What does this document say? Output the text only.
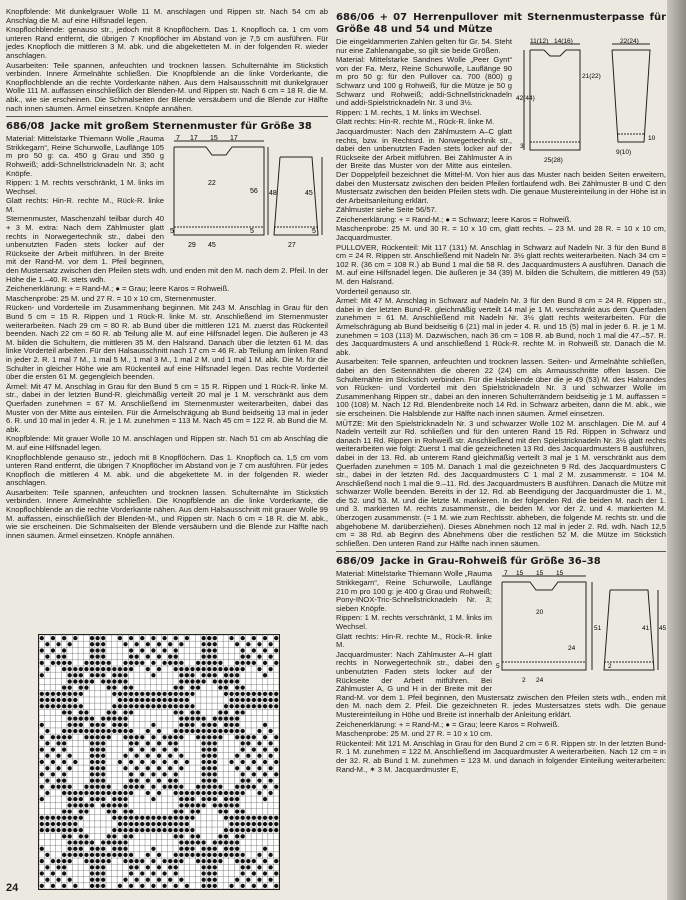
Knopfblende: Mit dunkelgrauer Wolle 11 M. anschlagen und Rippen str. Nach 54 cm ab Anschlag die M. auf eine Hilfsnadel legen.

Knopflochblende: genauso str., jedoch mit 8 Knopflöchern. Das 1. Knopfloch ca. 1 cm vom unteren Rand entfernt, die übrigen 7 Knopflöcher im Abstand von je 7,5 cm ausführen. Für jedes Knopfloch die mittleren 3 M. abk. und die abgeketteten M. in der folgenden R. wieder anschlagen.

Ausarbeiten: Teile spannen, anfeuchten und trocknen lassen. Schulternähte im Stickstich verbinden. Innere Ärmelnähte schließen. Die Knopfblende an die linke Vorderkante, die Knopflochblende an die rechte Vorderkante nähen. Aus dem Halsausschnitt mit dunkelgrauer Wolle 111 M. auffassen einschließlich der Blenden-M. und Rippen str. Nach 6 cm = 18 R. die M. abk., wie sie erscheinen. Die Schmalseiten der Blende versäubern und die Blende zur Hälfte nach innen säumen. Ärmel einsetzen. Knöpfe annähen.

686/08 Jacke mit großem Sternenmuster für Größe 38
7 17 15 17
22
56
5
48	45
5
27
45
29
5

Material: Mittelstarke Thiemann Wolle „Rauma Strikkegarn“, Reine Schurwolle, Lauflänge 105 m pro 50 g: ca. 450 g Grau und 350 g Rohweiß; addi-Schnellstricknadeln Nr. 3; acht Knöpfe.

Rippen: 1 M. rechts verschränkt, 1 M. links im Wechsel.

Glatt rechts: Hin-R. rechte M., Rück-R. linke M.

Sternenmuster, Maschenzahl teilbar durch 40 + 3 M. extra: Nach dem Zählmuster glatt rechts in Norwegertechnik str., dabei den unbenutzten Faden stets locker auf der Rückseite der Arbeit mitführen. In der Breite mit der Rand-M. vor dem 1. Pfeil beginnen, den Mustersatz zwischen den Pfeilen stets wdh. und enden mit den M. nach dem 2. Pfeil. In der Höhe die 1.–40. R. stets wdh.

Zeichenerklärung: + = Rand-M.; ● = Grau; leere Karos = Rohweiß.

Maschenprobe: 25 M. und 27 R. = 10 x 10 cm, Sternenmuster.

Rücken- und Vorderteile im Zusammenhang beginnen. Mit 243 M. Anschlag in Grau für den Bund 5 cm = 15 R. Rippen und 1 Rück-R. linke M. str. Anschließend im Sternenmuster weiterarbeiten. Nach 29 cm = 80 R. ab Bund über die mittleren 121 M. zuerst das Rückenteil beenden. Nach 22 cm = 60 R. ab Teilung alle M. auf eine Hilfsnadel legen. Die äußeren je 43 M. bilden die Schultern, die mittleren 35 M. den Halsrand. Danach über die letzten 61 M. das linke Vorderteil arbeiten. Für den Halsausschnitt nach 17 cm = 46 R. ab Teilung am linken Rand in jeder 2. R. 1 mal 7 M., 1 mal 5 M., 1 mal 3 M., 1 mal 2 M. und 1 mal 1 M. abk. Die M. für die Schulter in gleicher Höhe wie am Rückenteil auf eine Hilfsnadel legen. Das rechte Vorderteil über die ersten 61 M. gegengleich beenden.

Ärmel: Mit 47 M. Anschlag in Grau für den Bund 5 cm = 15 R. Rippen und 1 Rück-R. linke M. str., dabei in der letzten Bund-R. gleichmäßig verteilt 20 mal je 1 M. verschränkt aus dem Querfaden zunehmen = 67 M. Anschließend im Sternenmuster weiterarbeiten, dabei das Muster von der Mitte aus einteilen. Für die Ärmelschrägung ab Bund beidseitig 13 mal in jeder 6. R. und 10 mal in jeder 4. R. je 1 M. zunehmen = 113 M. Nach 45 cm = 122 R. ab Bund die M. abk.

Knopfblende: Mit grauer Wolle 10 M. anschlagen und Rippen str. Nach 51 cm ab Anschlag die M. auf eine Hilfsnadel legen.

Knopflochblende genauso str., jedoch mit 8 Knopflöchern. Das 1. Knopfloch ca. 1,5 cm vom unteren Rand entfernt, die übrigen 7 Knopflöcher im Abstand von je 7 cm ausführen. Für jedes Knopfloch die mittleren 4 M. abk. und die abgekettete M. in der folgenden R. wieder anschlagen.

Ausarbeiten: Teile spannen, anfeuchten und trocknen lassen. Schulternähte im Stickstich verbinden. Innere Ärmelnähte schließen. Die Knopfblende an die linke Vorderkante, die Knopflochblende an die rechte Vorderkante nähen. Aus dem Halsausschnitt mit grauer Wolle 99 M. auffassen, einschließlich der Blenden-M., und Rippen str. Nach 6 cm = 18 R. die M. abk., wie sie erscheinen. Die Schmalseiten der Blende versäubern und die Blende zur Hälfte nach innen säumen. Ärmel einsetzen. Knöpfe annähen.

686/06 + 07 Herrenpullover mit Sternenmusterpasse für Größe 48 und 54 und Mütze
11(12) 14(16)	22(24)
42(44)
21(22)
25(28)
9(10)
3
10

Die eingeklammerten Zahlen gelten für Gr. 54. Steht nur eine Zahlenangabe, so gilt sie beide Größen.

Material: Mittelstarke Sandnes Wolle „Peer Gynt“ von der Fa. Merz, Reine Schurwolle, Lauflänge 90 m pro 50 g: für den Pullover ca. 700 (800) g Schwarz und 100 g Rohweiß, für die Mütze je 50 g Schwarz und Rohweiß; addi-Schnellstricknadeln und addi-Spielstricknadeln Nr. 3 und 3½.

Rippen: 1 M. rechts, 1 M. links im Wechsel.

Glatt rechts: Hin-R. rechte M., Rück-R. linke M.

Jacquardmuster: Nach den Zählmustern A–C glatt rechts, bzw. in Rechtsrd. in Norwegertechnik str., dabei den unbenutzten Faden stets locker auf der Rückseite der Arbeit mitführen. Bei Zählmuster A in der Breite das Muster von der Mitte aus einteilen. Der Doppelpfeil bezeichnet die Mittel-M. Von hier aus das Muster nach beiden Seiten erweitern, dabei den Mustersatz zwischen den beiden Pfeilen fortlaufend wdh. Bei Zählmuster B und C den Mustersatz zwischen den beiden Pfeilen stets wdh. Die genaue Mustereinteilung in der Höhe ist in der Arbeitsanleitung erklärt.

Zählmuster siehe Seite 56/57.

Zeichenerklärung: + = Rand-M.; ● = Schwarz; leere Karos = Rohweiß.

Maschenprobe: 25 M. und 30 R. = 10 x 10 cm, glatt rechts. – 23 M. und 28 R. = 10 x 10 cm, Jacquardmuster.

PULLOVER, Rückenteil: Mit 117 (131) M. Anschlag in Schwarz auf Nadeln Nr. 3 für den Bund 8 cm = 24 R. Rippen str. Anschließend mit Nadeln Nr. 3½ glatt rechts weiterarbeiten. Nach 34 cm = 102 R. (36 cm = 108 R.) ab Bund 1 mal die 58 R. des Jacquardmusters A ausführen. Danach die M. auf eine Hilfsnadel legen. Die äußeren je 34 (39) M. bilden die Schultern, die mittleren 49 (53) M. den Halsrand.

Vorderteil genauso str.

Ärmel: Mit 47 M. Anschlag in Schwarz auf Nadeln Nr. 3 für den Bund 8 cm = 24 R. Rippen str., dabei in der letzten Bund-R. gleichmäßig verteilt 14 mal je 1 M. verschränkt aus dem Querfaden zunehmen = 61 M. Anschließend mit Nadeln Nr. 3½ glatt rechts weiterarbeiten. Für die Ärmelschrägung ab Bund beidseitig 6 (21) mal in jeder 4. R. und 15 (5) mal in jeder 6. R. je 1 M. zunehmen = 103 (113) M. Dazwischen, nach 36 cm = 108 R. ab Bund, noch 1 mal die 47.–57. R. des Jacquardmusters A und anschließend 1 Rück-R. rechte M. in Rohweiß str. Danach die M. abk.

Ausarbeiten: Teile spannen, anfeuchten und trocknen lassen. Seiten- und Ärmelnähte schließen, dabei an den Seitennähten die oberen 22 (24) cm als Armausschnitte offen lassen. Die Schulternähte im Stickstich verbinden. Für die Halsblende über die je 49 (53) M. des Halsrandes von Rücken- und Vorderteil mit den Spielstricknadeln Nr. 3 und schwarzer Wolle im Zusammenhang Rippen str., dabei an den inneren Schulterrändern beidseitig je 1 M. auffassen = 100 (108) M. Nach 12 Rd. Blendenbreite noch 14 Rd. in Schwarz arbeiten, dann die M. abk., wie sie erscheinen. Die Halsblende zur Hälfte nach innen säumen. Ärmel einsetzen.

MÜTZE: Mit den Spielstricknadeln Nr. 3 und schwarzer Wolle 102 M. anschlagen. Die M. auf 4 Nadeln verteilt zur Rd. schließen und für den unteren Rand 15 Rd. Rippen in Schwarz und danach 11 Rd. Rippen in Rohweiß str. Anschließend mit den Spielstricknadeln Nr. 3½ glatt rechts weiterarbeiten wie folgt: Zuerst 1 mal die gezeichneten 13 Rd. des Jacquardmusters B ausführen, dabei in der 13. Rd. ab unterem Rand gleichmäßig verteilt 3 mal je 1 M. verschränkt aus dem Querfaden zunehmen = 105 M. Danach 1 mal die gezeichneten 9 Rd. des Jacquardmusters C str., dabei in der letzten Rd. des Jacquardmusters C 1 mal 2 M. zusammenstr. = 104 M. Anschließend noch 1 mal die 9.–11. Rd. des Jacquardmusters B ausführen. Danach die Mütze mit schwarzer Wolle beenden. Bereits in der 12. Rd. ab Beendigung der Jacquardmuster die 1. M., die 52. und 53. M. und die letzte M. markieren. In der folgenden Rd. die beiden M. nach der 1. und 3. markierten M. rechts zusammenstr., die beiden M. vor der 2. und 4. markierten M. überzogen zusammenstr. (= 1 M. wie zum Rechtsstr. abheben, die folgende M. rechts str. und die abgehobene M. darüberziehen). Dieses Abnehmen noch 12 mal in jeder 2. Rd. wdh. Nach 12,5 cm = 38 Rd. ab Beginn des Abnehmens über die restlichen 52 M. die Mütze im Stickstich schließen. Den unteren Rand zur Hälfte nach innen säumen.

686/09 Jacke in Grau-Rohweiß für Größe 36–38
7 15 15 15
20
51
5
24
41 45
2
2 24

Material: Mittelstarke Thiemann Wolle „Rauma Strikkegarn“, Reine Schurwolle, Lauflänge 210 m pro 100 g: je 400 g Grau und Rohweiß; Pony-INOX-Tric-Schnellstricknadeln Nr. 3; sieben Knöpfe.

Rippen: 1 M. rechts verschränkt, 1 M. links im Wechsel.

Glatt rechts: Hin-R. rechte M., Rück-R. linke M.

Jacquardmuster: Nach Zählmuster A–H glatt rechts in Norwegertechnik str., dabei den unbenutzten Faden stets locker auf der Rückseite der Arbeit mitführen. Bei Zählmuster A, G und H in der Breite mit der Rand-M. vor dem 1. Pfeil beginnen, den Mustersatz zwischen den Pfeilen stets wdh., enden mit den M. nach dem 2. Pfeil. Die gezeichneten R. jedes Mustersatzes stets wdh. Die genaue Mustereinteilung in Höhe und Breite ist innerhalb der Anleitung erklärt.

Zeichenerklärung: + = Rand-M.; ● = Grau; leere Karos = Rohweiß.

Maschenprobe: 25 M. und 27 R. = 10 x 10 cm.

Rückenteil: Mit 121 M. Anschlag in Grau für den Bund 2 cm = 6 R. Rippen str. In der letzten Bund-R. 1 M. zunehmen = 122 M. Anschließend im Jacquardmuster A weiterarbeiten. Nach 12 cm = in der 32. R. ab Bund 1 M. zunehmen = 123 M. und danach in folgender Einteilung weiterarbeiten: Rand-M., ✶ 3 M. Jacquardmuster E,

24
